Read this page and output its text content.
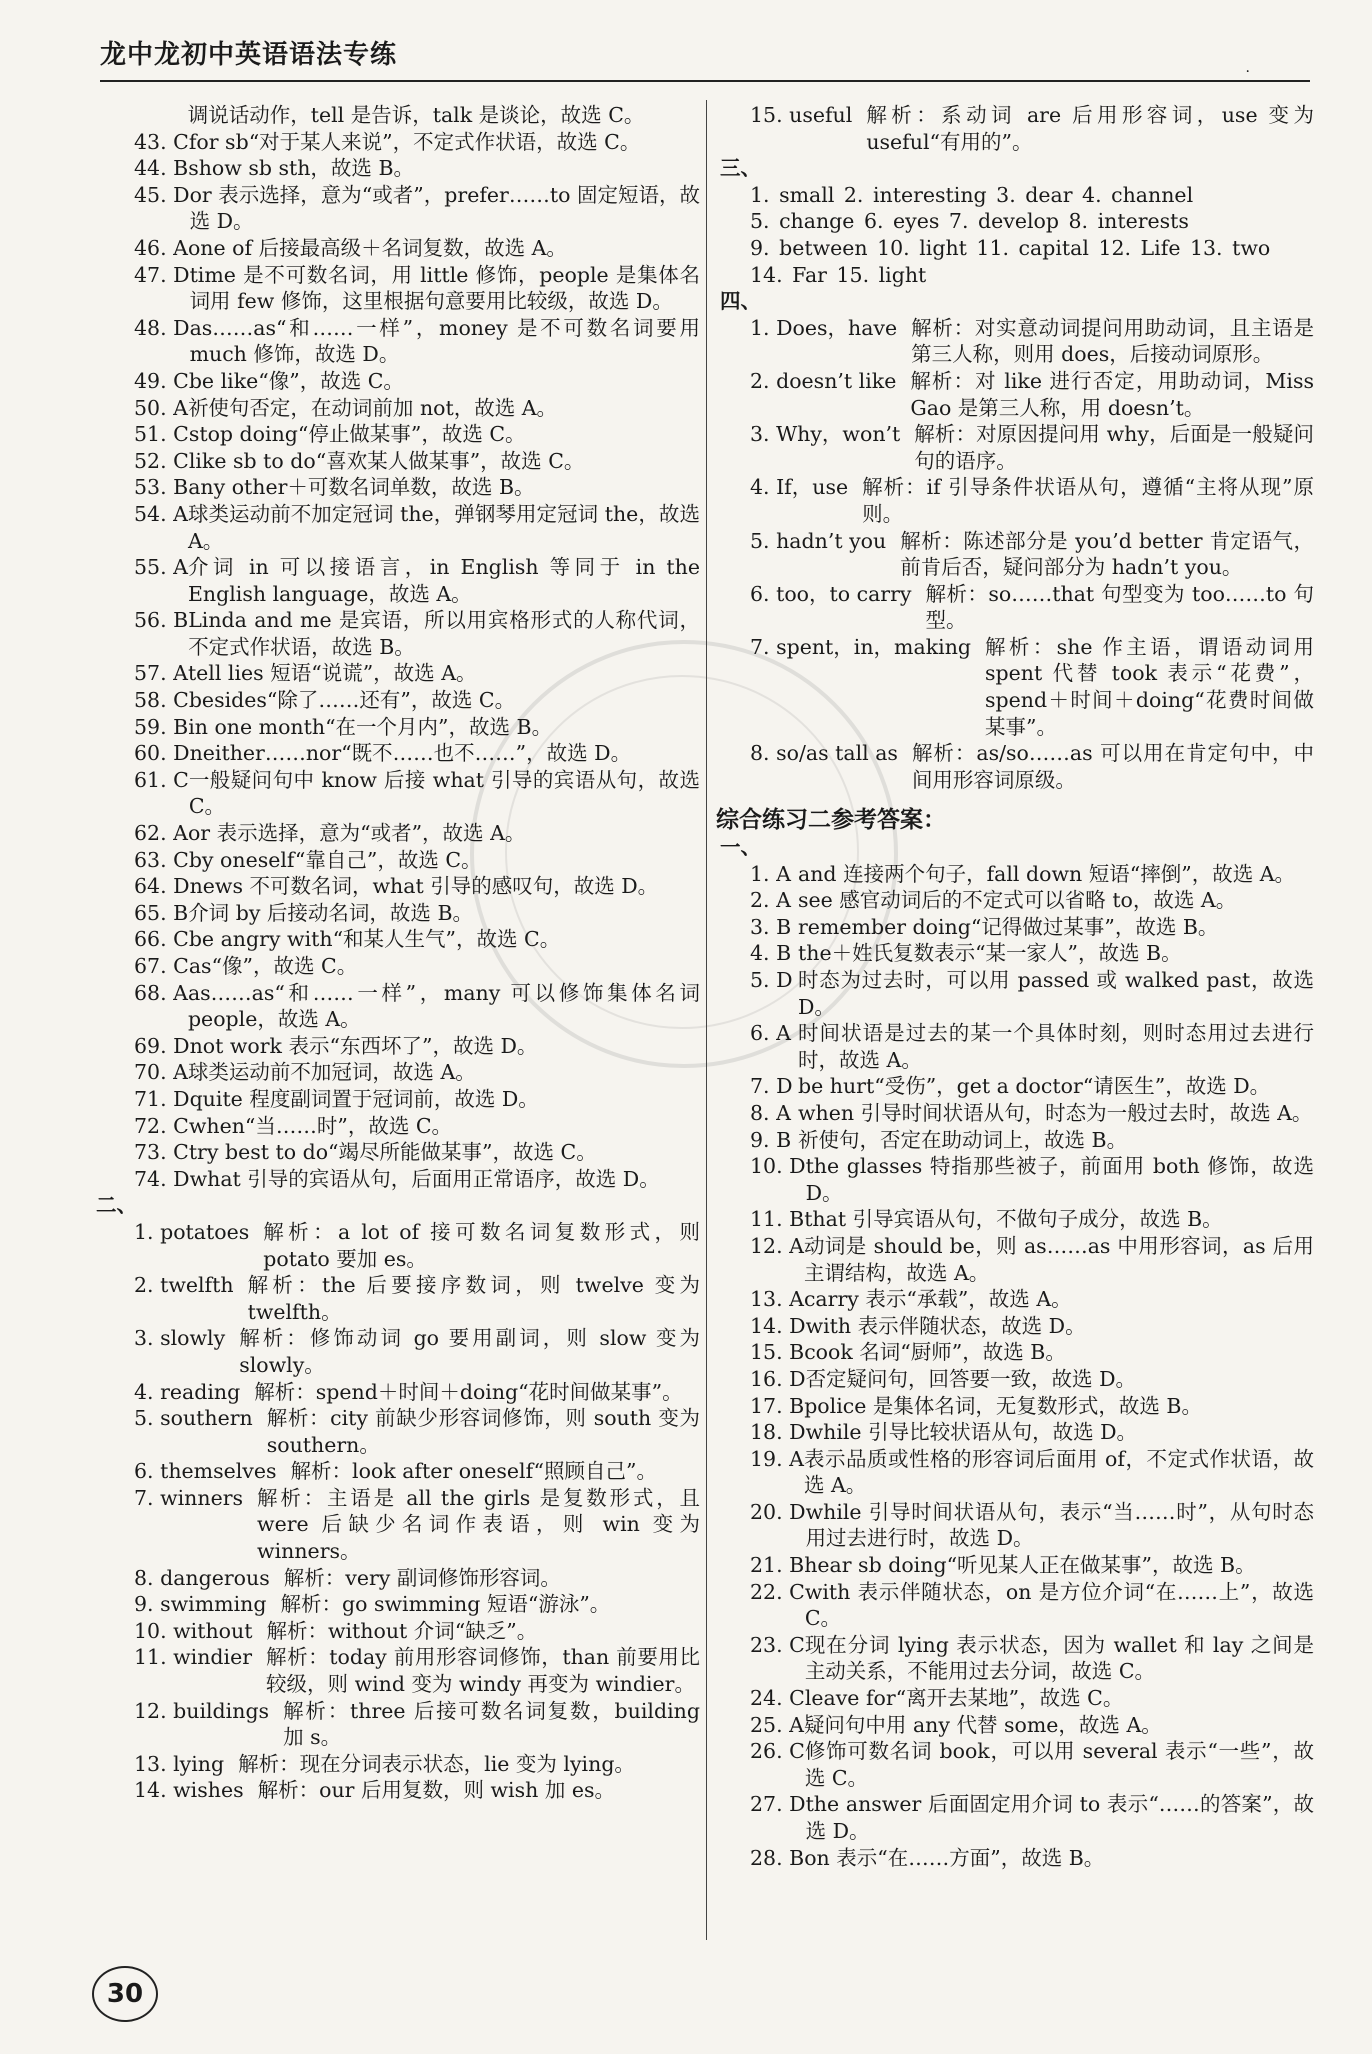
龙中龙初中英语语法专练
·
调说话动作，tell 是告诉，talk 是谈论，故选 C。
43. C for sb“对于某人来说”，不定式作状语，故选 C。
44. B show sb sth，故选 B。
45. D or 表示选择，意为“或者”，prefer……to 固定短语，故选 D。
46. A one of 后接最高级＋名词复数，故选 A。
47. D time 是不可数名词，用 little 修饰，people 是集体名词用 few 修饰，这里根据句意要用比较级，故选 D。
48. D as……as“和……一样”，money 是不可数名词要用 much 修饰，故选 D。
49. C be like“像”，故选 C。
50. A 祈使句否定，在动词前加 not，故选 A。
51. C stop doing“停止做某事”，故选 C。
52. C like sb to do“喜欢某人做某事”，故选 C。
53. B any other＋可数名词单数，故选 B。
54. A 球类运动前不加定冠词 the，弹钢琴用定冠词 the，故选 A。
55. A 介词 in 可以接语言，in English 等同于 in the English language，故选 A。
56. B Linda and me 是宾语，所以用宾格形式的人称代词，不定式作状语，故选 B。
57. A tell lies 短语“说谎”，故选 A。
58. C besides“除了……还有”，故选 C。
59. B in one month“在一个月内”，故选 B。
60. D neither……nor“既不……也不……”，故选 D。
61. C 一般疑问句中 know 后接 what 引导的宾语从句，故选 C。
62. A or 表示选择，意为“或者”，故选 A。
63. C by oneself“靠自己”，故选 C。
64. D news 不可数名词，what 引导的感叹句，故选 D。
65. B 介词 by 后接动名词，故选 B。
66. C be angry with“和某人生气”，故选 C。
67. C as“像”，故选 C。
68. A as……as“和……一样”，many 可以修饰集体名词 people，故选 A。
69. D not work 表示“东西坏了”，故选 D。
70. A 球类运动前不加冠词，故选 A。
71. D quite 程度副词置于冠词前，故选 D。
72. C when“当……时”，故选 C。
73. C try best to do“竭尽所能做某事”，故选 C。
74. D what 引导的宾语从句，后面用正常语序，故选 D。
二、
1. potatoes 解析：a lot of 接可数名词复数形式，则 potato 要加 es。
2. twelfth 解析：the 后要接序数词，则 twelve 变为 twelfth。
3. slowly 解析：修饰动词 go 要用副词，则 slow 变为 slowly。
4. reading 解析：spend＋时间＋doing“花时间做某事”。
5. southern 解析：city 前缺少形容词修饰，则 south 变为 southern。
6. themselves 解析：look after oneself“照顾自己”。
7. winners 解析：主语是 all the girls 是复数形式，且 were 后缺少名词作表语，则 win 变为 winners。
8. dangerous 解析：very 副词修饰形容词。
9. swimming 解析：go swimming 短语“游泳”。
10. without 解析：without 介词“缺乏”。
11. windier 解析：today 前用形容词修饰，than 前要用比较级，则 wind 变为 windy 再变为 windier。
12. buildings 解析：three 后接可数名词复数，building 加 s。
13. lying 解析：现在分词表示状态，lie 变为 lying。
14. wishes 解析：our 后用复数，则 wish 加 es。
15. useful 解析：系动词 are 后用形容词，use 变为 useful“有用的”。
三、
1. small 2. interesting 3. dear 4. channel
5. change 6. eyes 7. develop 8. interests
9. between 10. light 11. capital 12. Life 13. two
14. Far 15. light
四、
1. Does，have 解析：对实意动词提问用助动词，且主语是第三人称，则用 does，后接动词原形。
2. doesn’t like 解析：对 like 进行否定，用助动词，Miss Gao 是第三人称，用 doesn’t。
3. Why，won’t 解析：对原因提问用 why，后面是一般疑问句的语序。
4. If，use 解析：if 引导条件状语从句，遵循“主将从现”原则。
5. hadn’t you 解析：陈述部分是 you’d better 肯定语气，前肯后否，疑问部分为 hadn’t you。
6. too，to carry 解析：so……that 句型变为 too……to 句型。
7. spent，in，making 解析：she 作主语，谓语动词用 spent 代替 took 表示“花费”，spend＋时间＋doing“花费时间做某事”。
8. so/as tall as 解析：as/so……as 可以用在肯定句中，中间用形容词原级。
综合练习二参考答案：
一、
1. A and 连接两个句子，fall down 短语“摔倒”，故选 A。
2. A see 感官动词后的不定式可以省略 to，故选 A。
3. B remember doing“记得做过某事”，故选 B。
4. B the＋姓氏复数表示“某一家人”，故选 B。
5. D 时态为过去时，可以用 passed 或 walked past，故选 D。
6. A 时间状语是过去的某一个具体时刻，则时态用过去进行时，故选 A。
7. D be hurt“受伤”，get a doctor“请医生”，故选 D。
8. A when 引导时间状语从句，时态为一般过去时，故选 A。
9. B 祈使句，否定在助动词上，故选 B。
10. D the glasses 特指那些被子，前面用 both 修饰，故选 D。
11. B that 引导宾语从句，不做句子成分，故选 B。
12. A 动词是 should be，则 as……as 中用形容词，as 后用主谓结构，故选 A。
13. A carry 表示“承载”，故选 A。
14. D with 表示伴随状态，故选 D。
15. B cook 名词“厨师”，故选 B。
16. D 否定疑问句，回答要一致，故选 D。
17. B police 是集体名词，无复数形式，故选 B。
18. D while 引导比较状语从句，故选 D。
19. A 表示品质或性格的形容词后面用 of，不定式作状语，故选 A。
20. D while 引导时间状语从句，表示“当……时”，从句时态用过去进行时，故选 D。
21. B hear sb doing“听见某人正在做某事”，故选 B。
22. C with 表示伴随状态，on 是方位介词“在……上”，故选 C。
23. C 现在分词 lying 表示状态，因为 wallet 和 lay 之间是主动关系，不能用过去分词，故选 C。
24. C leave for“离开去某地”，故选 C。
25. A 疑问句中用 any 代替 some，故选 A。
26. C 修饰可数名词 book，可以用 several 表示“一些”，故选 C。
27. D the answer 后面固定用介词 to 表示“……的答案”，故选 D。
28. B on 表示“在……方面”，故选 B。
30
